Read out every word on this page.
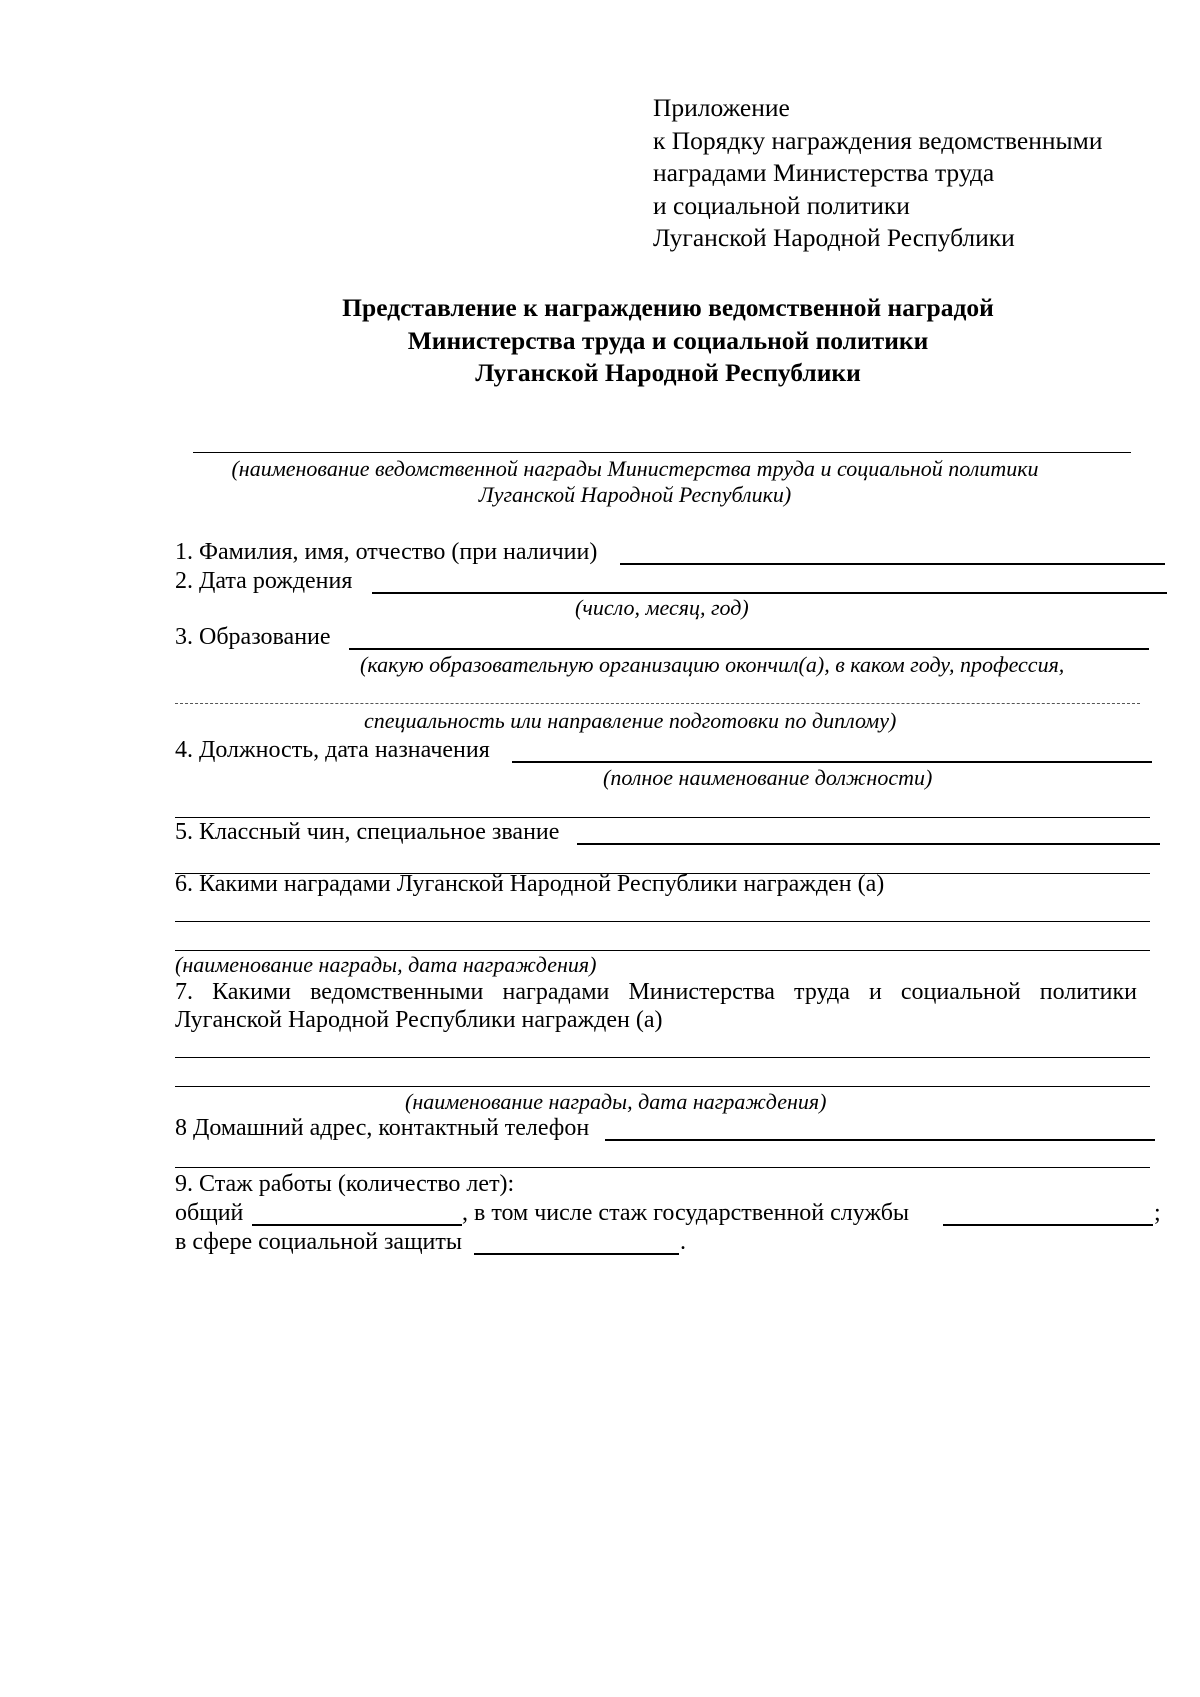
Приложение
к Порядку награждения ведомственными
наградами Министерства труда
и социальной политики
Луганской Народной Республики
Представление к награждению ведомственной наградой
Министерства труда и социальной политики
Луганской Народной Республики
(наименование ведомственной награды Министерства труда и социальной политики
Луганской Народной Республики)
1. Фамилия, имя, отчество (при наличии)
2. Дата рождения
(число, месяц, год)
3. Образование
(какую образовательную организацию окончил(а), в каком году, профессия,
специальность или направление подготовки по диплому)
4. Должность, дата назначения
(полное наименование должности)
5. Классный чин, специальное звание
6. Какими наградами Луганской Народной Республики награжден (а)
(наименование награды, дата награждения)
7. Какими ведомственными наградами Министерства труда и социальной политики
Луганской Народной Республики награжден (а)
(наименование награды, дата награждения)
8 Домашний адрес, контактный телефон
9. Стаж работы (количество лет):
общий	, в том числе стаж государственной службы	;
в сфере социальной защиты	.
